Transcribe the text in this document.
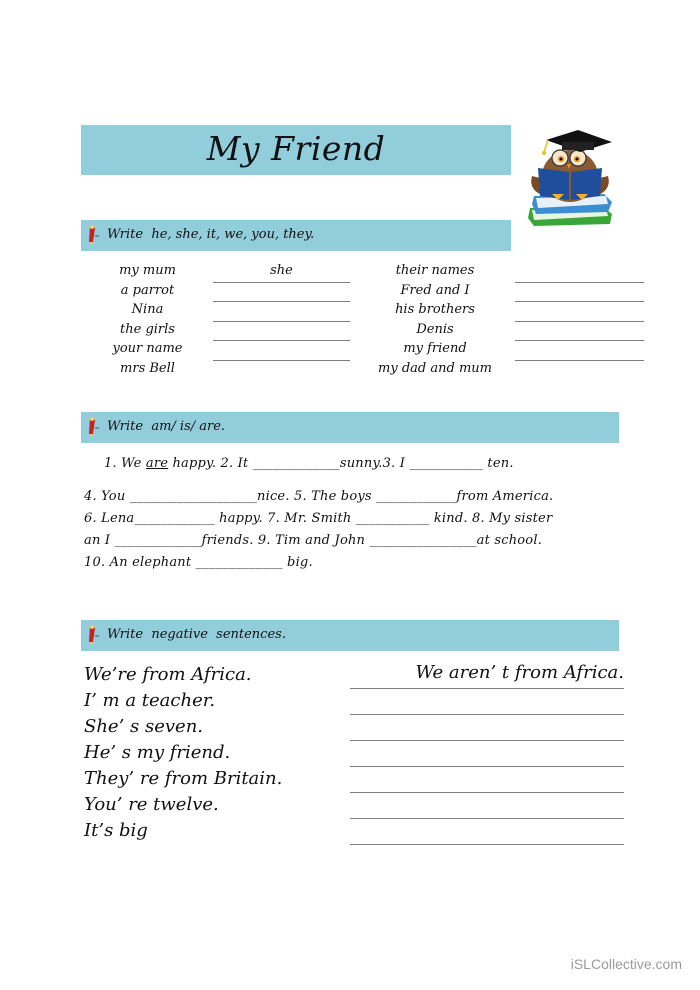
My Friend
Write  he, she, it, we, you, they.
my mum
a parrot
Nina
the girls
your name
mrs Bell
she	their names
Fred and I
his brothers
Denis
my friend
my dad and mum
Write  am/ is/ are.
1. We are happy. 2. It _____________sunny.3. I ___________ ten.
4. You ___________________nice. 5. The boys ____________from America.
6. Lena____________ happy. 7. Mr. Smith ___________ kind. 8. My sister
an I _____________friends. 9. Tim and John ________________at school.
10. An elephant _____________ big.
Write  negative  sentences.
We’re from Africa.
I’ m a teacher.
She’ s seven.
He’ s my friend.
They’ re from Britain.
You’ re twelve.
It’s big
We aren’ t from Africa.
iSLCollective.com
